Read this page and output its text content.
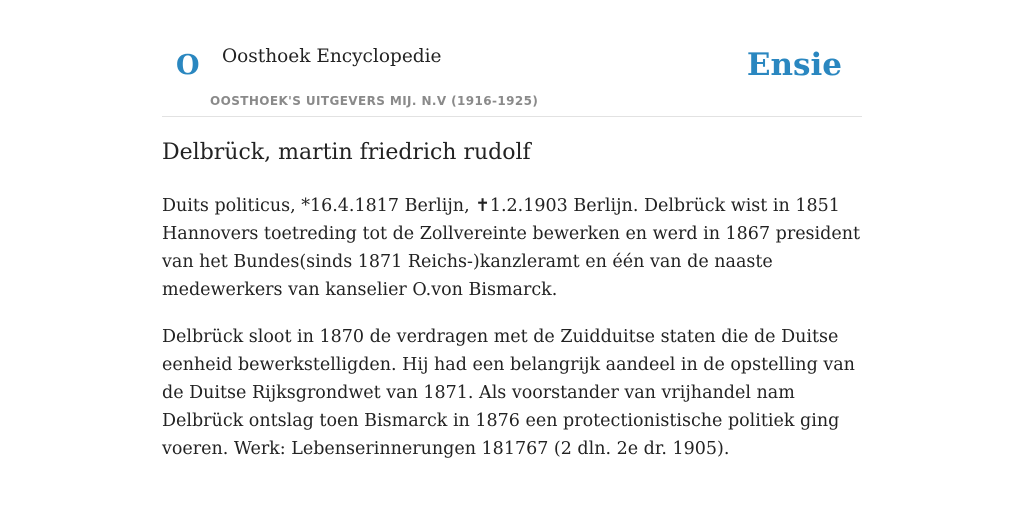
O Oosthoek Encyclopedie
OOSTHOEK'S UITGEVERS MIJ. N.V (1916-1925)
Ensie
Delbrück, martin friedrich rudolf

Duits politicus, *16.4.1817 Berlijn, ✝1.2.1903 Berlijn. Delbrück wist in 1851 Hannovers toetreding tot de Zollvereinte bewerken en werd in 1867 president van het Bundes(sinds 1871 Reichs-)kanzleramt en één van de naaste medewerkers van kanselier O.von Bismarck.

Delbrück sloot in 1870 de verdragen met de Zuidduitse staten die de Duitse eenheid bewerkstelligden. Hij had een belangrijk aandeel in de opstelling van de Duitse Rijksgrondwet van 1871. Als voorstander van vrijhandel nam Delbrück ontslag toen Bismarck in 1876 een protectionistische politiek ging voeren. Werk: Lebenserinnerungen 181767 (2 dln. 2e dr. 1905).
